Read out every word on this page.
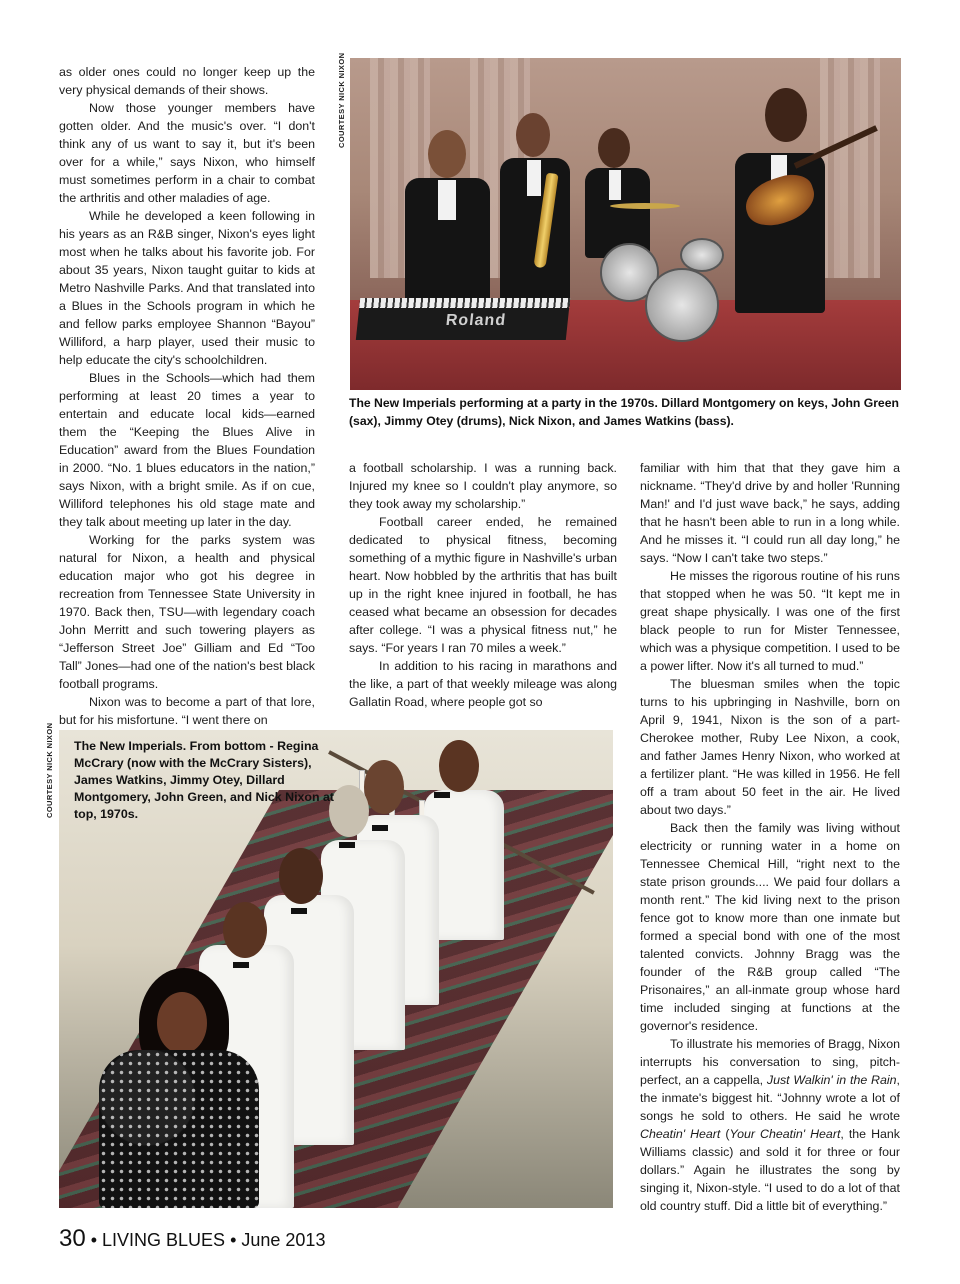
as older ones could no longer keep up the very physical demands of their shows.

Now those younger members have gotten older. And the music's over. “I don't think any of us want to say it, but it's been over for a while,” says Nixon, who himself must sometimes perform in a chair to combat the arthritis and other maladies of age.

While he developed a keen following in his years as an R&B singer, Nixon's eyes light most when he talks about his favorite job. For about 35 years, Nixon taught guitar to kids at Metro Nashville Parks. And that translated into a Blues in the Schools program in which he and fellow parks employee Shannon “Bayou” Williford, a harp player, used their music to help educate the city's schoolchildren.

Blues in the Schools—which had them performing at least 20 times a year to entertain and educate local kids—earned them the “Keeping the Blues Alive in Education” award from the Blues Foundation in 2000. “No. 1 blues educators in the nation,” says Nixon, with a bright smile. As if on cue, Williford telephones his old stage mate and they talk about meeting up later in the day.

Working for the parks system was natural for Nixon, a health and physical education major who got his degree in recreation from Tennessee State University in 1970. Back then, TSU—with legendary coach John Merritt and such towering players as “Jefferson Street Joe” Gilliam and Ed “Too Tall” Jones—had one of the nation's best black football programs.

Nixon was to become a part of that lore, but for his misfortune. “I went there on

COURTESY NICK NIXON
Roland
The New Imperials performing at a party in the 1970s. Dillard Montgomery on keys, John Green (sax), Jimmy Otey (drums), Nick Nixon, and James Watkins (bass).

a football scholarship. I was a running back. Injured my knee so I couldn't play anymore, so they took away my scholarship.”

Football career ended, he remained dedicated to physical fitness, becoming something of a mythic figure in Nashville's urban heart. Now hobbled by the arthritis that has built up in the right knee injured in football, he has ceased what became an obsession for decades after college. “I was a physical fitness nut,” he says. “For years I ran 70 miles a week.”

In addition to his racing in marathons and the like, a part of that weekly mileage was along Gallatin Road, where people got so

familiar with him that that they gave him a nickname. “They'd drive by and holler 'Running Man!' and I'd just wave back,” he says, adding that he hasn't been able to run in a long while. And he misses it. “I could run all day long,” he says. “Now I can't take two steps.”

He misses the rigorous routine of his runs that stopped when he was 50. “It kept me in great shape physically. I was one of the first black people to run for Mister Tennessee, which was a physique competition. I used to be a power lifter. Now it's all turned to mud.”

The bluesman smiles when the topic turns to his upbringing in Nashville, born on April 9, 1941, Nixon is the son of a part-Cherokee mother, Ruby Lee Nixon, a cook, and father James Henry Nixon, who worked at a fertilizer plant. “He was killed in 1956. He fell off a tram about 50 feet in the air. He lived about two days.”

Back then the family was living without electricity or running water in a home on Tennessee Chemical Hill, “right next to the state prison grounds.... We paid four dollars a month rent.” The kid living next to the prison fence got to know more than one inmate but formed a special bond with one of the most talented convicts. Johnny Bragg was the founder of the R&B group called “The Prisonaires,” an all-inmate group whose hard time included singing at functions at the governor's residence.

To illustrate his memories of Bragg, Nixon interrupts his conversation to sing, pitch-perfect, an a cappella, Just Walkin' in the Rain, the inmate's biggest hit. “Johnny wrote a lot of songs he sold to others. He said he wrote Cheatin' Heart (Your Cheatin' Heart, the Hank Williams classic) and sold it for three or four dollars.” Again he illustrates the song by singing it, Nixon-style. “I used to do a lot of that old country stuff. Did a little bit of everything.”

COURTESY NICK NIXON The New Imperials. From bottom - Regina McCrary (now with the McCrary Sisters), James Watkins, Jimmy Otey, Dillard Montgomery, John Green, and Nick Nixon at top, 1970s.
30 • LIVING BLUES • June 2013
